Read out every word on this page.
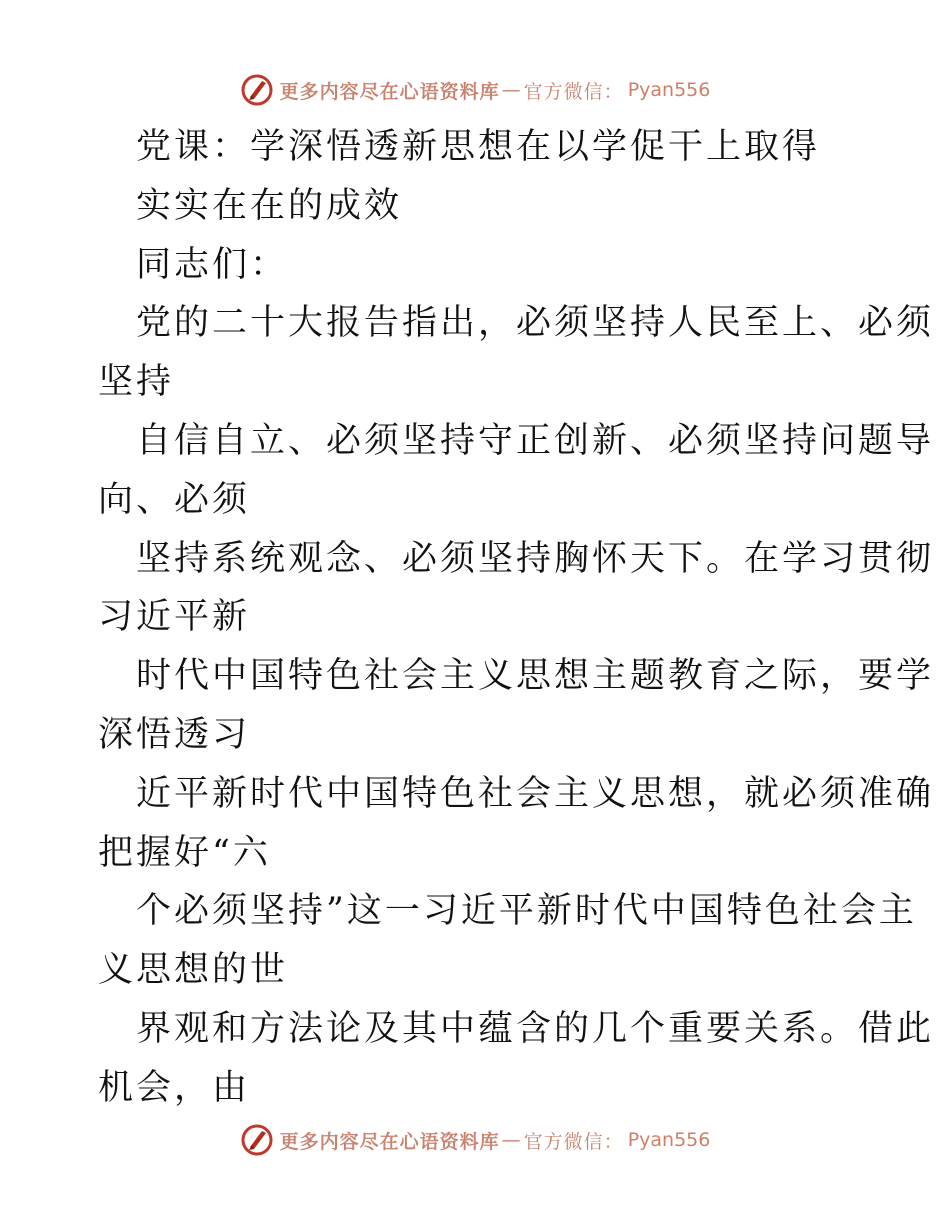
更多内容尽在心语资料库 — 官方微信： Pyan556

党课：学深悟透新思想在以学促干上取得

实实在在的成效

同志们：

党的二十大报告指出，必须坚持人民至上、必须

坚持

自信自立、必须坚持守正创新、必须坚持问题导

向、必须

坚持系统观念、必须坚持胸怀天下。在学习贯彻

习近平新

时代中国特色社会主义思想主题教育之际，要学

深悟透习

近平新时代中国特色社会主义思想，就必须准确

把握好“六

个必须坚持”这一习近平新时代中国特色社会主

义思想的世

界观和方法论及其中蕴含的几个重要关系。借此

机会，由

更多内容尽在心语资料库 — 官方微信： Pyan556
